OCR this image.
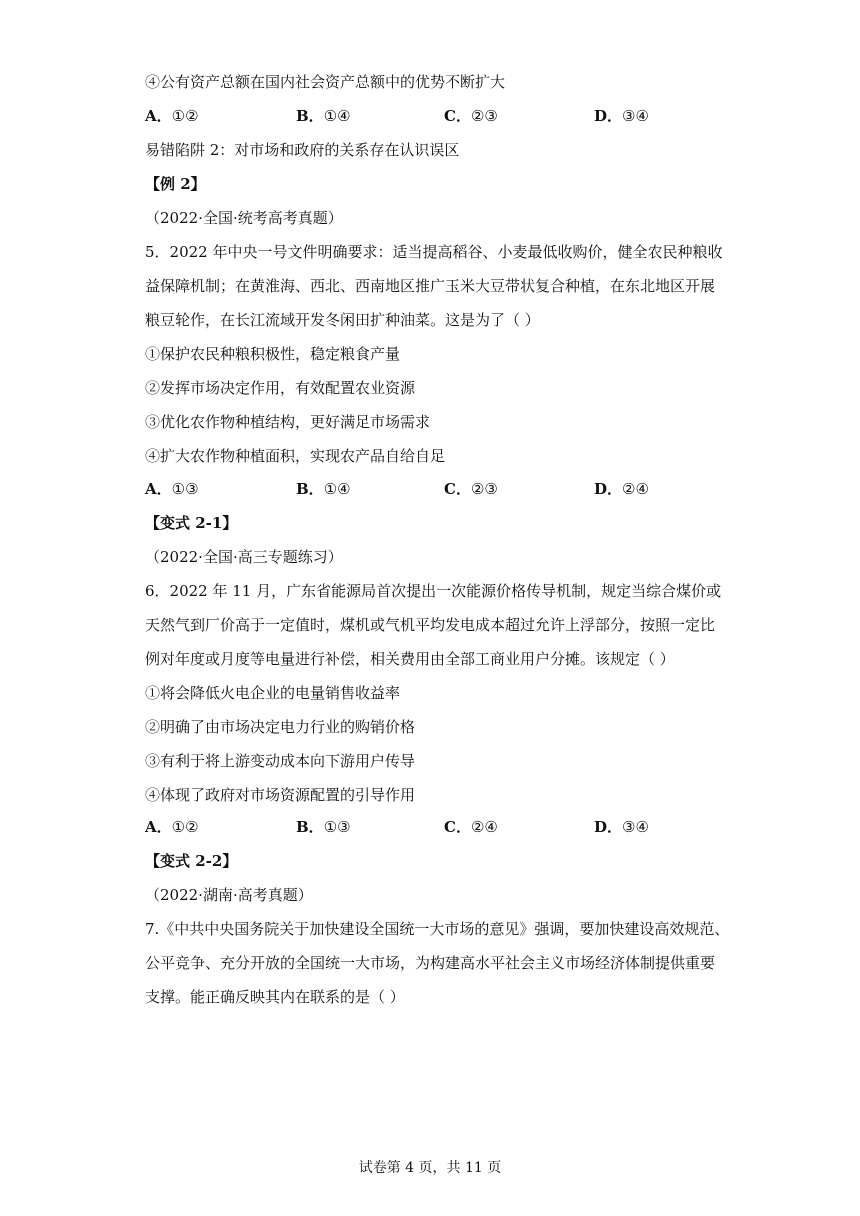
④公有资产总额在国内社会资产总额中的优势不断扩大
A．①②	B．①④	C．②③	D．③④
易错陷阱 2：对市场和政府的关系存在认识误区
【例 2】
（2022·全国·统考高考真题）
5．2022 年中央一号文件明确要求：适当提高稻谷、小麦最低收购价，健全农民种粮收
益保障机制；在黄淮海、西北、西南地区推广玉米大豆带状复合种植，在东北地区开展
粮豆轮作，在长江流域开发冬闲田扩种油菜。这是为了（ ）
①保护农民种粮积极性，稳定粮食产量
②发挥市场决定作用，有效配置农业资源
③优化农作物种植结构，更好满足市场需求
④扩大农作物种植面积，实现农产品自给自足
A．①③	B．①④	C．②③	D．②④
【变式 2-1】
（2022·全国·高三专题练习）
6．2022 年 11 月，广东省能源局首次提出一次能源价格传导机制，规定当综合煤价或
天然气到厂价高于一定值时，煤机或气机平均发电成本超过允许上浮部分，按照一定比
例对年度或月度等电量进行补偿，相关费用由全部工商业用户分摊。该规定（ ）
①将会降低火电企业的电量销售收益率
②明确了由市场决定电力行业的购销价格
③有利于将上游变动成本向下游用户传导
④体现了政府对市场资源配置的引导作用
A．①②	B．①③	C．②④	D．③④
【变式 2-2】
（2022·湖南·高考真题）
7.《中共中央国务院关于加快建设全国统一大市场的意见》强调，要加快建设高效规范、
公平竞争、充分开放的全国统一大市场，为构建高水平社会主义市场经济体制提供重要
支撑。能正确反映其内在联系的是（ ）
试卷第 4 页，共 11 页
